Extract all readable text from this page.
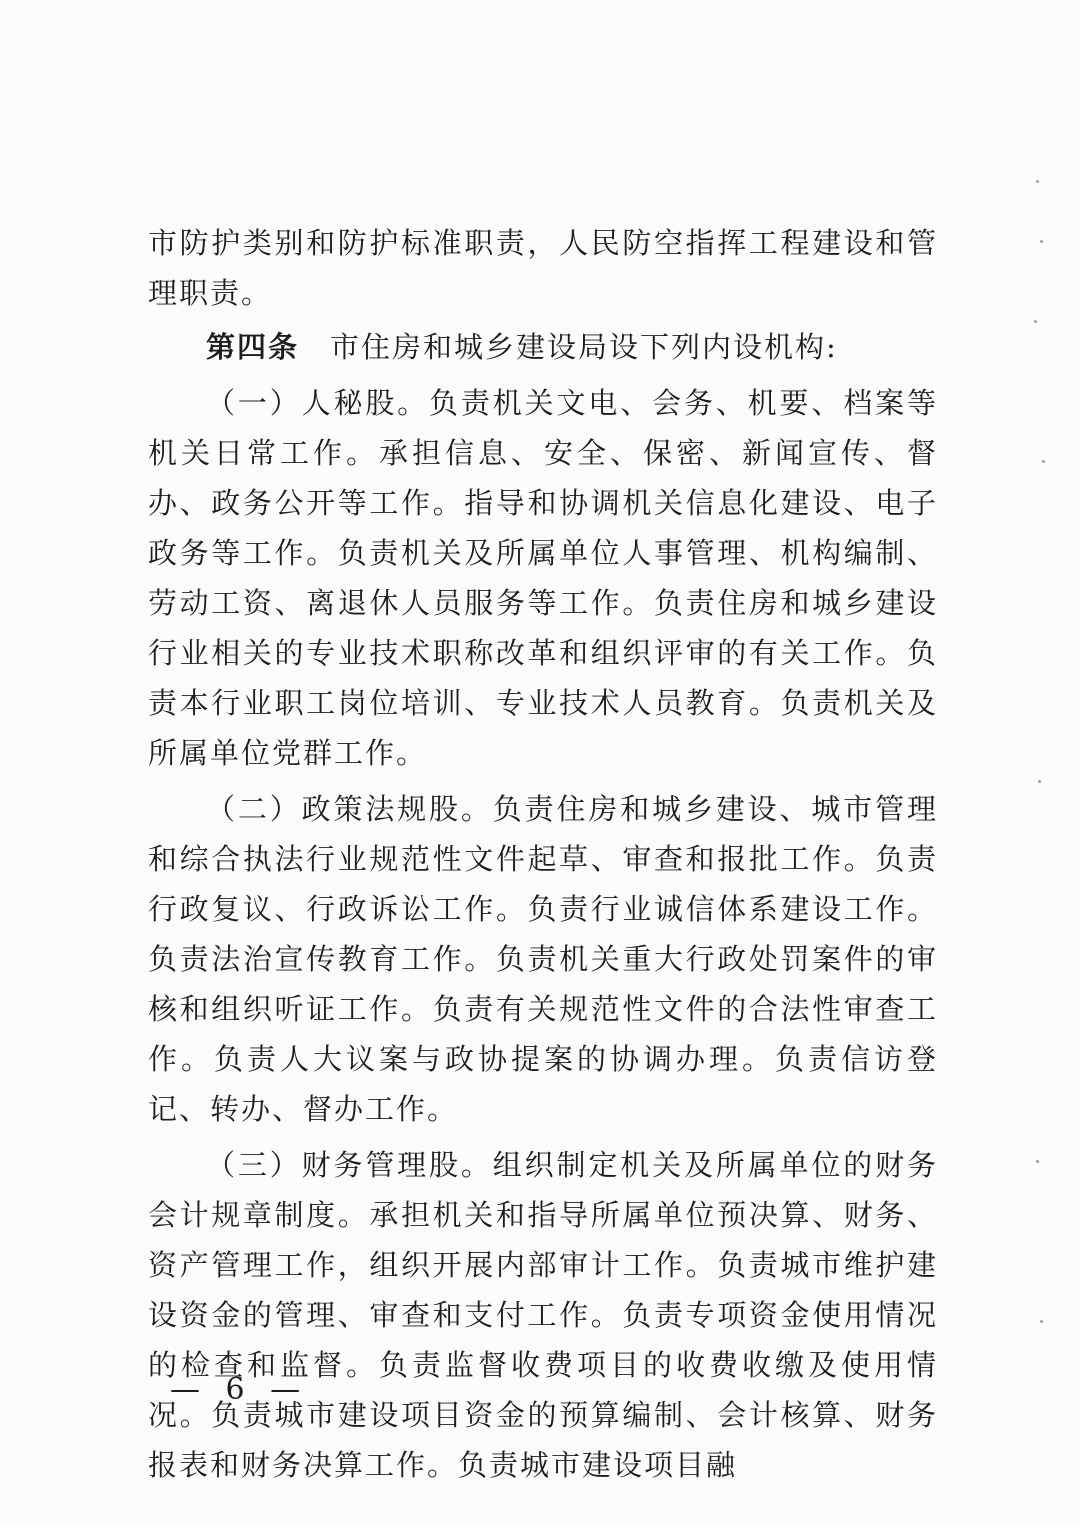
市防护类别和防护标准职责，人民防空指挥工程建设和管理职责。

第四条　市住房和城乡建设局设下列内设机构:

（一）人秘股。负责机关文电、会务、机要、档案等机关日常工作。承担信息、安全、保密、新闻宣传、督办、政务公开等工作。指导和协调机关信息化建设、电子政务等工作。负责机关及所属单位人事管理、机构编制、劳动工资、离退休人员服务等工作。负责住房和城乡建设行业相关的专业技术职称改革和组织评审的有关工作。负责本行业职工岗位培训、专业技术人员教育。负责机关及所属单位党群工作。

（二）政策法规股。负责住房和城乡建设、城市管理和综合执法行业规范性文件起草、审查和报批工作。负责行政复议、行政诉讼工作。负责行业诚信体系建设工作。负责法治宣传教育工作。负责机关重大行政处罚案件的审核和组织听证工作。负责有关规范性文件的合法性审查工作。负责人大议案与政协提案的协调办理。负责信访登记、转办、督办工作。

（三）财务管理股。组织制定机关及所属单位的财务会计规章制度。承担机关和指导所属单位预决算、财务、资产管理工作，组织开展内部审计工作。负责城市维护建设资金的管理、审查和支付工作。负责专项资金使用情况的检查和监督。负责监督收费项目的收费收缴及使用情况。负责城市建设项目资金的预算编制、会计核算、财务报表和财务决算工作。负责城市建设项目融

— 6 —
